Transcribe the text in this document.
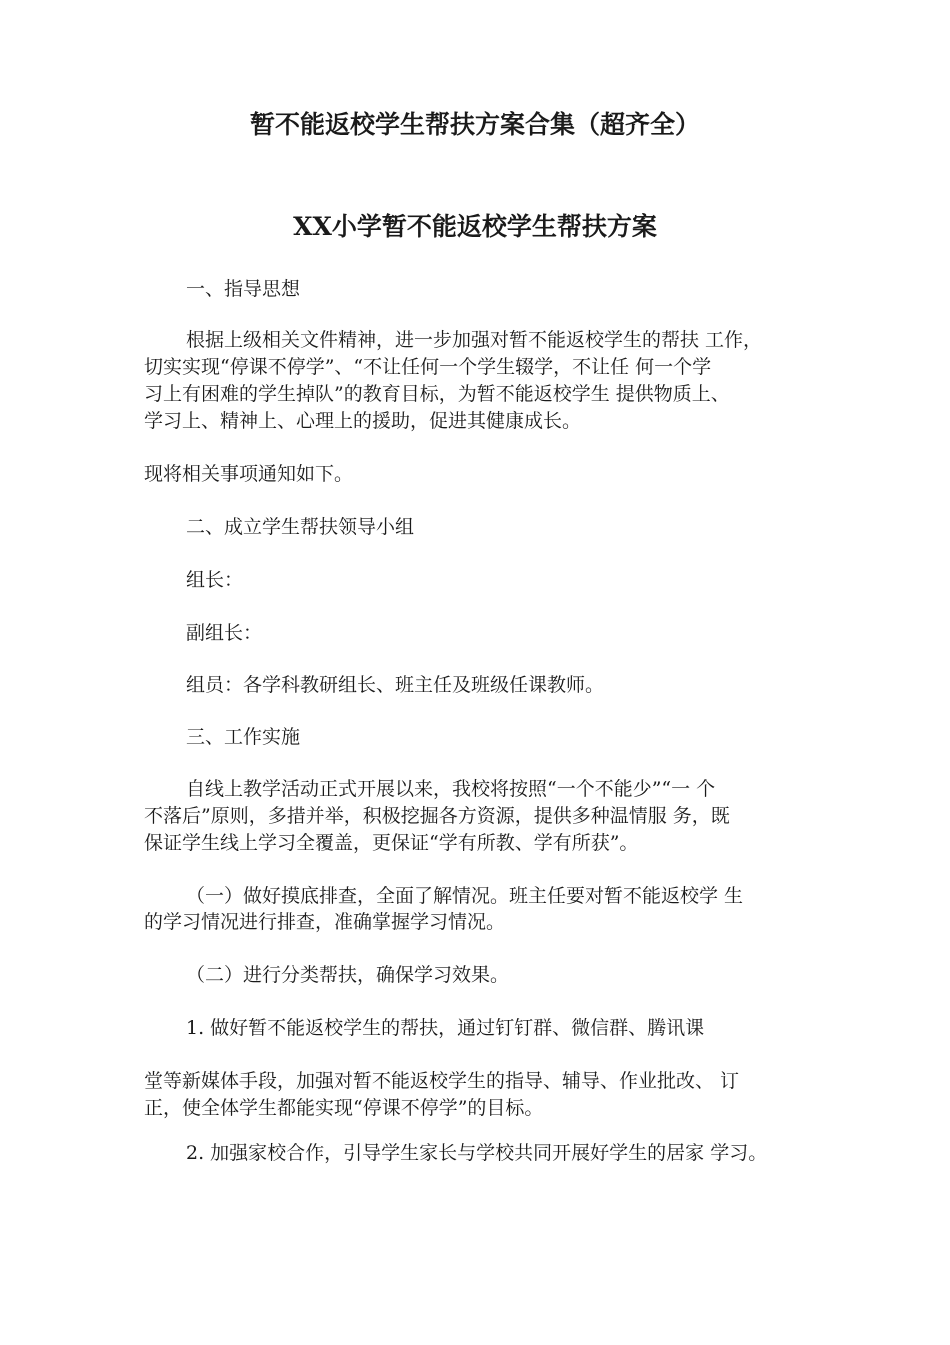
暂不能返校学生帮扶方案合集（超齐全）
XX小学暂不能返校学生帮扶方案

一、指导思想

根据上级相关文件精神，进一步加强对暂不能返校学生的帮扶 工作，

切实实现“停课不停学”、“不让任何一个学生辍学，不让任 何一个学

习上有困难的学生掉队”的教育目标，为暂不能返校学生 提供物质上、

学习上、精神上、心理上的援助，促进其健康成长。

现将相关事项通知如下。

二、成立学生帮扶领导小组

组长：

副组长：

组员：各学科教研组长、班主任及班级任课教师。

三、工作实施

自线上教学活动正式开展以来，我校将按照“一个不能少”“一 个

不落后”原则，多措并举，积极挖掘各方资源，提供多种温情服 务，既

保证学生线上学习全覆盖，更保证“学有所教、学有所获”。

（一）做好摸底排查，全面了解情况。班主任要对暂不能返校学 生

的学习情况进行排查，准确掌握学习情况。

（二）进行分类帮扶，确保学习效果。

1. 做好暂不能返校学生的帮扶，通过钉钉群、微信群、腾讯课

堂等新媒体手段，加强对暂不能返校学生的指导、辅导、作业批改、 订

正，使全体学生都能实现“停课不停学”的目标。

2. 加强家校合作，引导学生家长与学校共同开展好学生的居家 学习。
